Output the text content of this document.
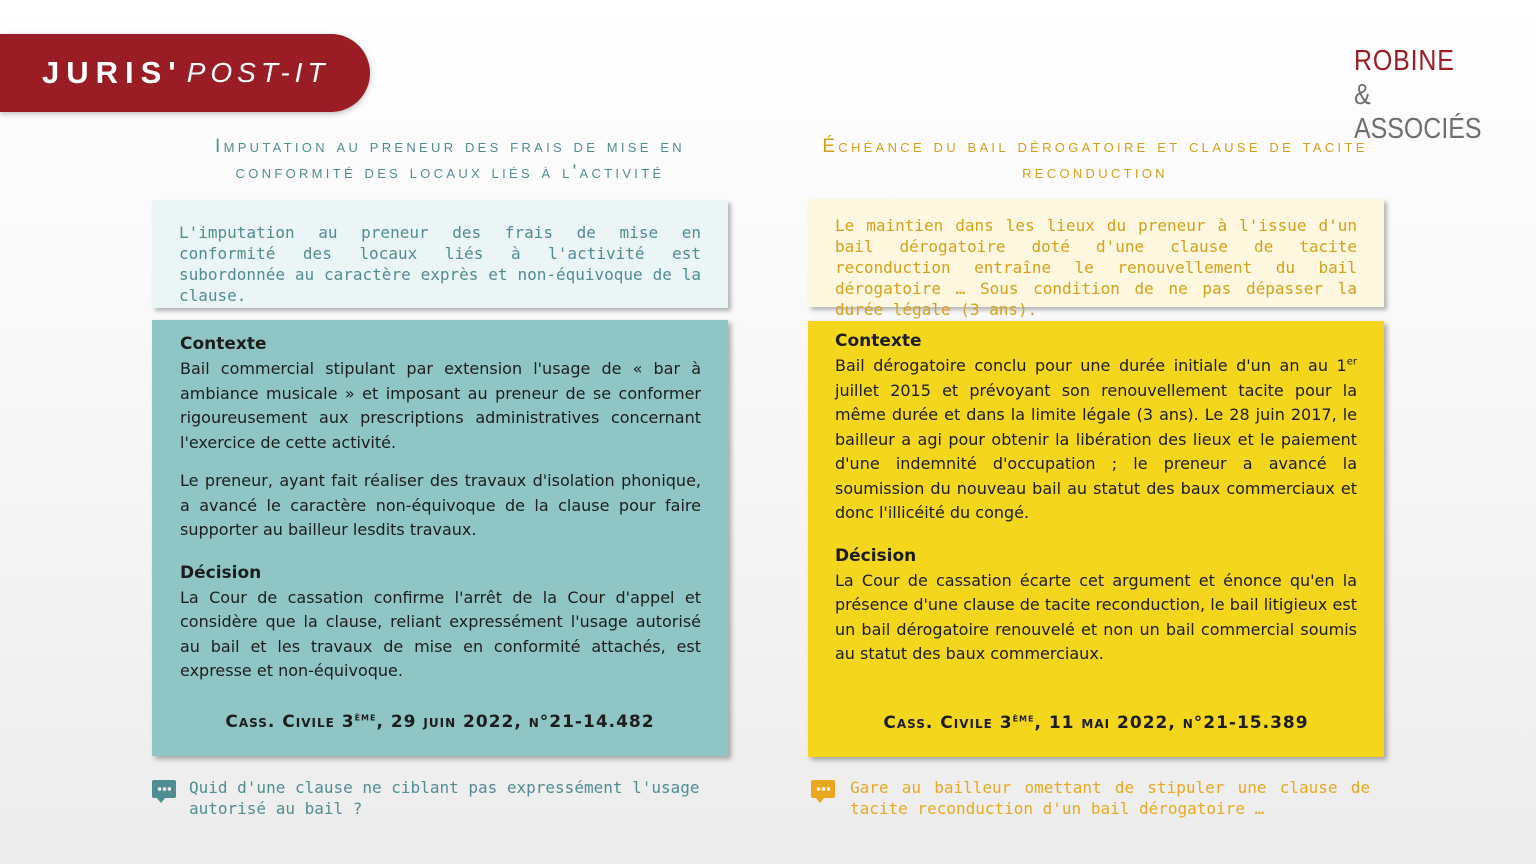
JURIS' POST-IT	ROBINE
& ASSOCIÉS
Imputation au preneur des frais de mise en conformité des locaux liés à l'activité
L'imputation au preneur des frais de mise en conformité des locaux liés à l'activité est subordonnée au caractère exprès et non-équivoque de la clause.
Contexte

Bail commercial stipulant par extension l'usage de « bar à ambiance musicale » et imposant au preneur de se conformer rigoureusement aux prescriptions administratives concernant l'exercice de cette activité.

Le preneur, ayant fait réaliser des travaux d'isolation phonique, a avancé le caractère non-équivoque de la clause pour faire supporter au bailleur lesdits travaux.

Décision

La Cour de cassation confirme l'arrêt de la Cour d'appel et considère que la clause, reliant expressément l'usage autorisé au bail et les travaux de mise en conformité attachés, est expresse et non-équivoque.

Cass. Civile 3ème, 29 juin 2022, n°21-14.482
Quid d'une clause ne ciblant pas expressément l'usage autorisé au bail ?
Échéance du bail dérogatoire et clause de tacite reconduction
Le maintien dans les lieux du preneur à l'issue d'un bail dérogatoire doté d'une clause de tacite reconduction entraîne le renouvellement du bail dérogatoire … Sous condition de ne pas dépasser la durée légale (3 ans).
Contexte

Bail dérogatoire conclu pour une durée initiale d'un an au 1er juillet 2015 et prévoyant son renouvellement tacite pour la même durée et dans la limite légale (3 ans). Le 28 juin 2017, le bailleur a agi pour obtenir la libération des lieux et le paiement d'une indemnité d'occupation ; le preneur a avancé la soumission du nouveau bail au statut des baux commerciaux et donc l'illicéité du congé.

Décision

La Cour de cassation écarte cet argument et énonce qu'en la présence d'une clause de tacite reconduction, le bail litigieux est un bail dérogatoire renouvelé et non un bail commercial soumis au statut des baux commerciaux.

Cass. Civile 3ème, 11 mai 2022, n°21-15.389
Gare au bailleur omettant de stipuler une clause de tacite reconduction d'un bail dérogatoire …
